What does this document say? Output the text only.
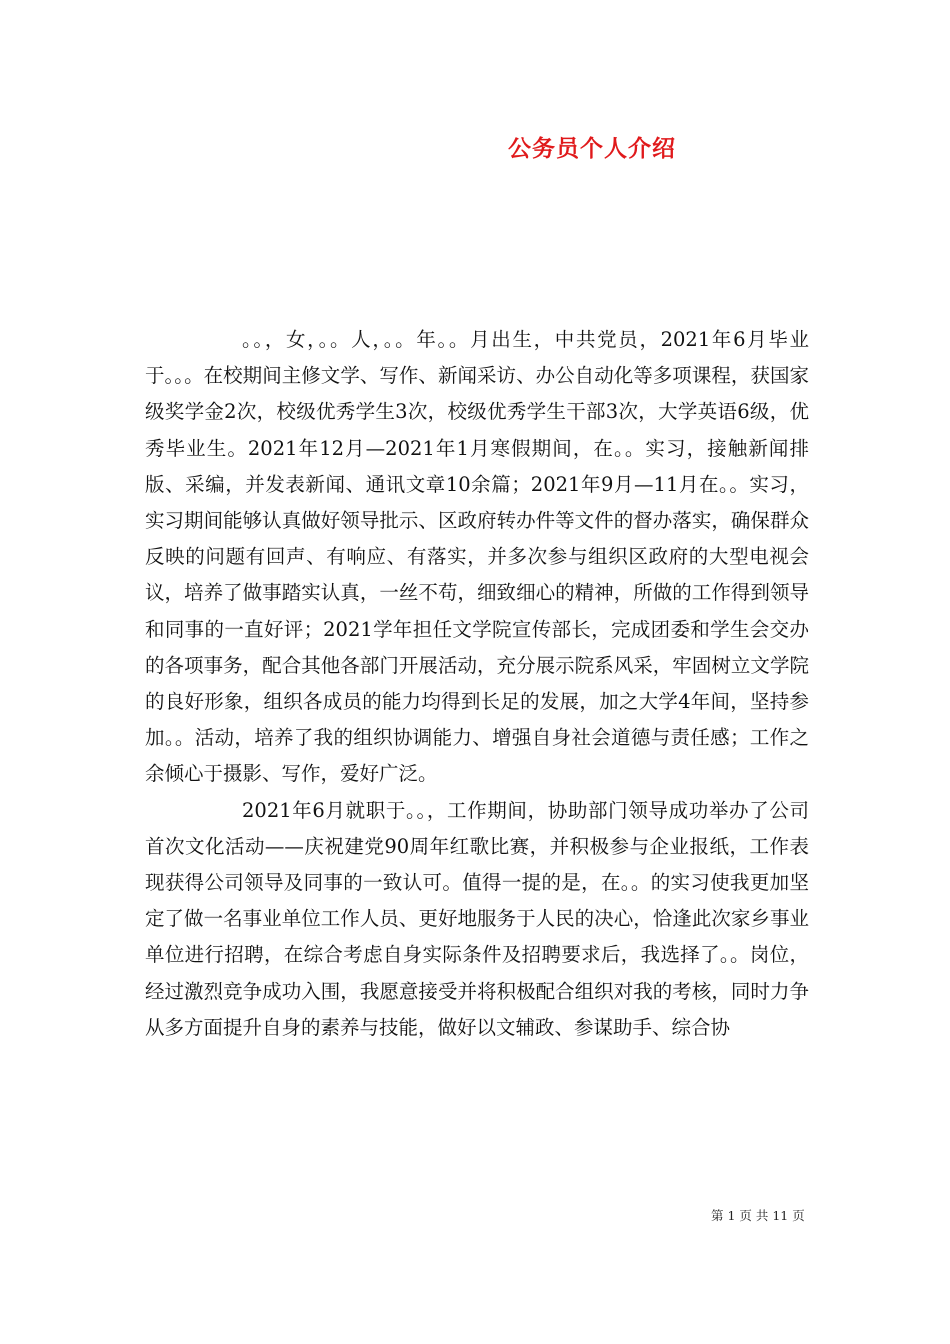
公务员个人介绍

。。，女，。。人，。。年。。月出生，中共党员，2021年6月毕业于。。。在校期间主修文学、写作、新闻采访、办公自动化等多项课程，获国家级奖学金2次，校级优秀学生3次，校级优秀学生干部3次，大学英语6级，优秀毕业生。2021年12月—2021年1月寒假期间，在。。实习，接触新闻排版、采编，并发表新闻、通讯文章10余篇；2021年9月—11月在。。实习，实习期间能够认真做好领导批示、区政府转办件等文件的督办落实，确保群众反映的问题有回声、有响应、有落实，并多次参与组织区政府的大型电视会议，培养了做事踏实认真，一丝不苟，细致细心的精神，所做的工作得到领导和同事的一直好评；2021学年担任文学院宣传部长，完成团委和学生会交办的各项事务，配合其他各部门开展活动，充分展示院系风采，牢固树立文学院的良好形象，组织各成员的能力均得到长足的发展，加之大学4年间，坚持参加。。活动，培养了我的组织协调能力、增强自身社会道德与责任感；工作之余倾心于摄影、写作，爱好广泛。

2021年6月就职于。。，工作期间，协助部门领导成功举办了公司首次文化活动——庆祝建党90周年红歌比赛，并积极参与企业报纸，工作表现获得公司领导及同事的一致认可。值得一提的是，在。。的实习使我更加坚定了做一名事业单位工作人员、更好地服务于人民的决心，恰逢此次家乡事业单位进行招聘，在综合考虑自身实际条件及招聘要求后，我选择了。。岗位，经过激烈竞争成功入围，我愿意接受并将积极配合组织对我的考核，同时力争从多方面提升自身的素养与技能，做好以文辅政、参谋助手、综合协

第 1 页 共 11 页
